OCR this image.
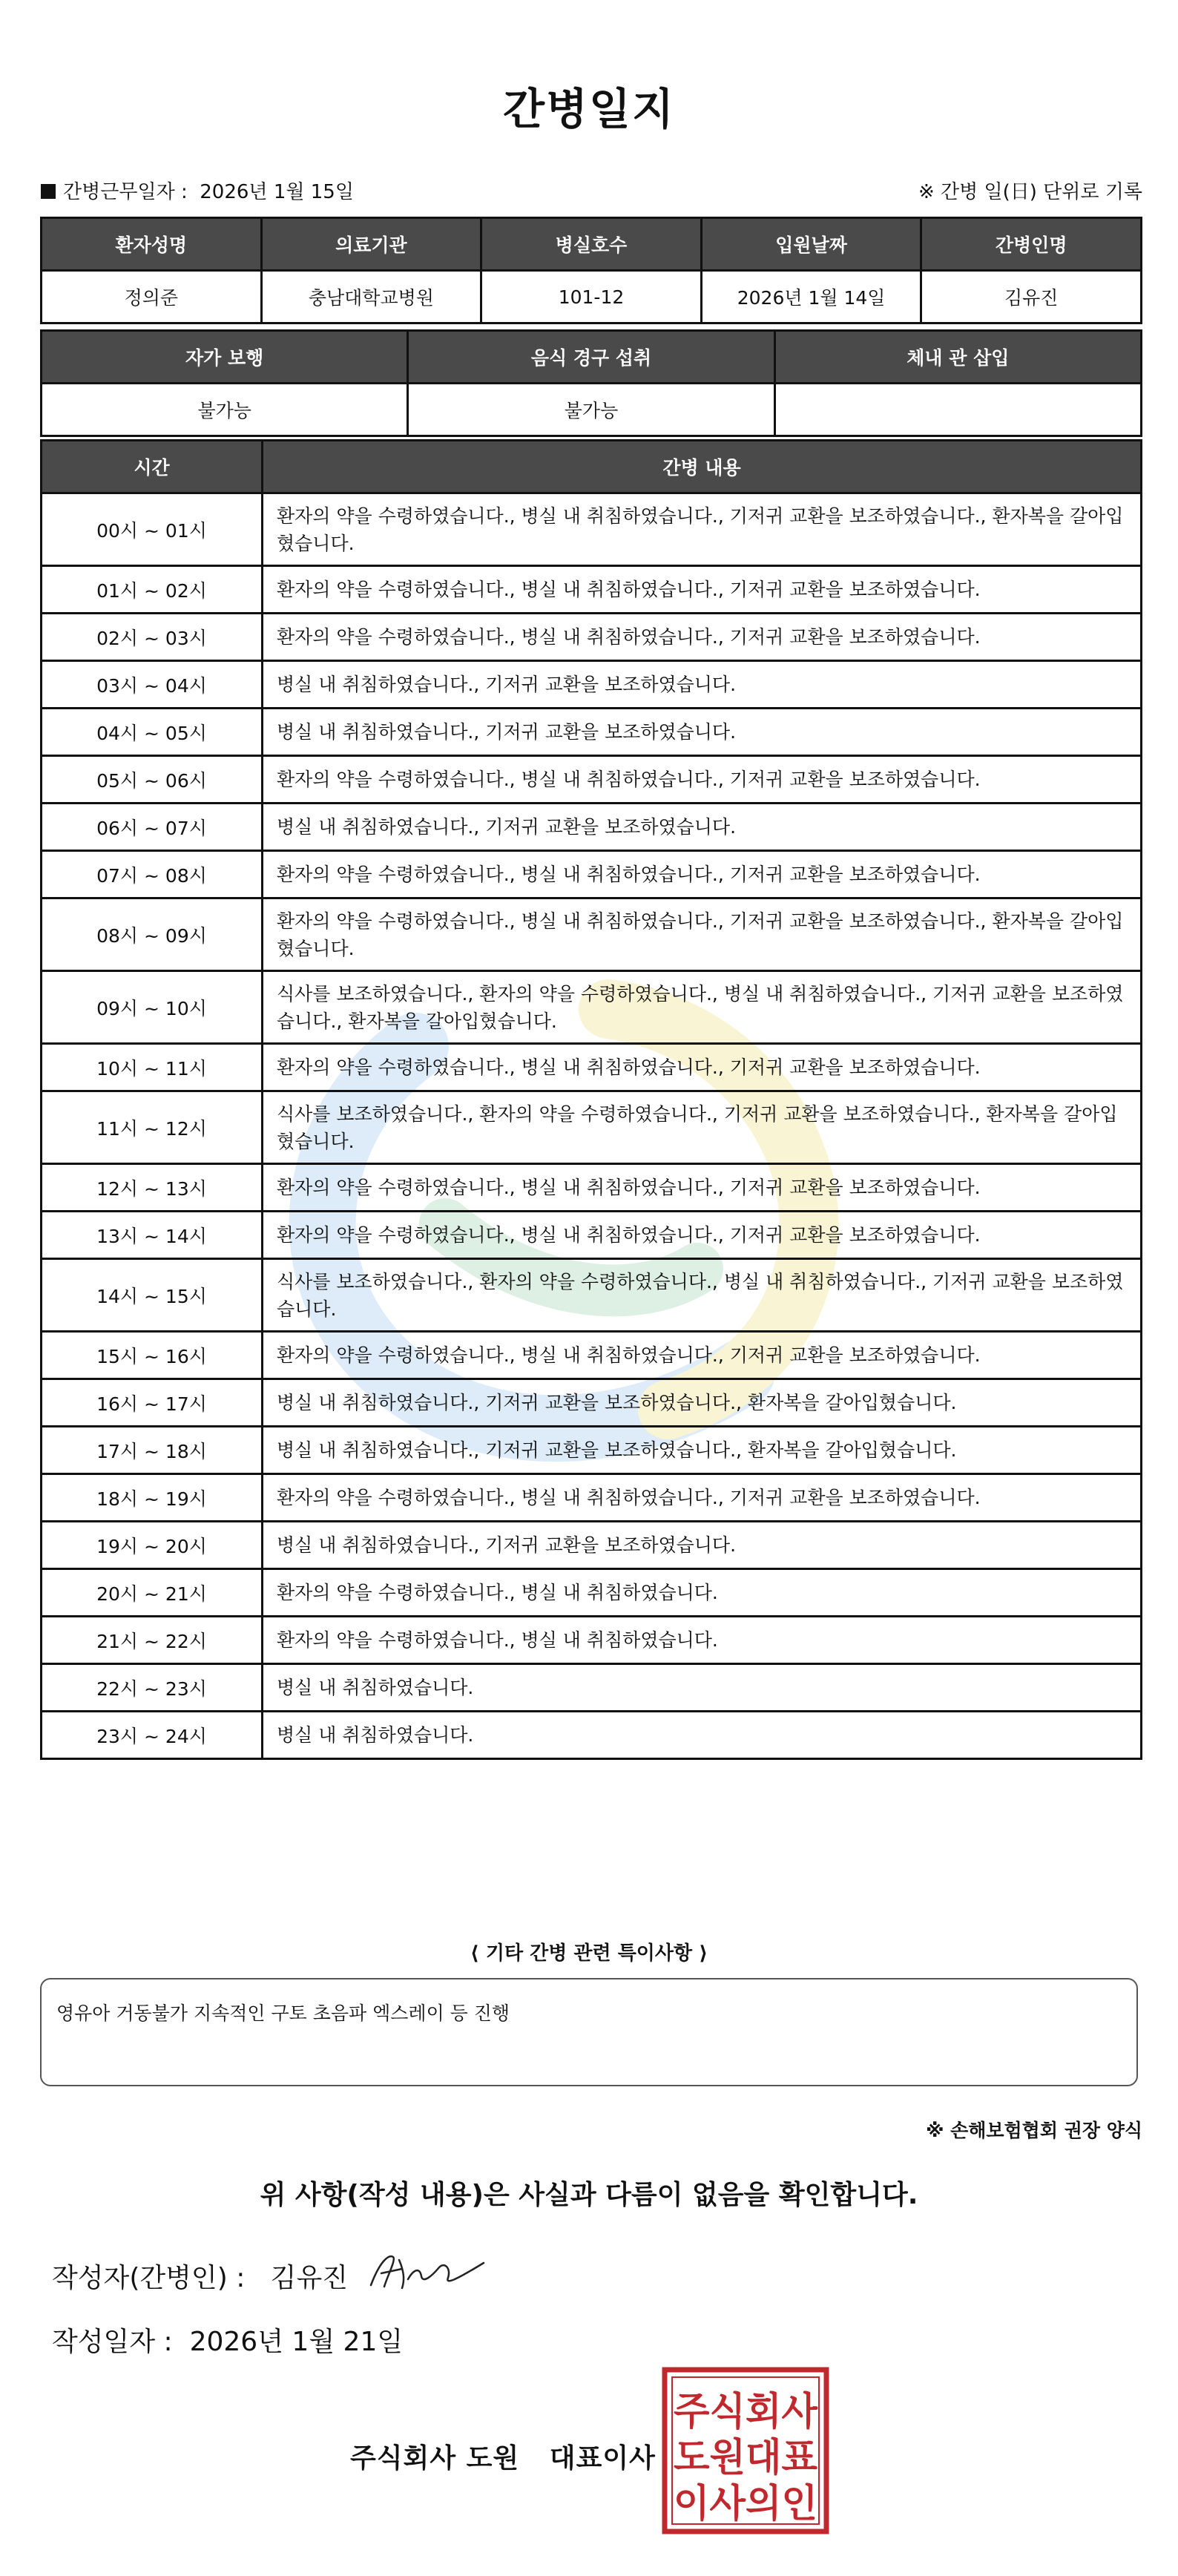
간병일지
간병근무일자 : 2026년 1월 15일	※ 간병 일(日) 단위로 기록
환자성명	의료기관	병실호수	입원날짜	간병인명
정의준	충남대학교병원	101-12	2026년 1월 14일	김유진
자가 보행	음식 경구 섭취	체내 관 삽입
불가능	불가능	
시간	간병 내용
00시 ~ 01시	환자의 약을 수령하였습니다., 병실 내 취침하였습니다., 기저귀 교환을 보조하였습니다., 환자복을 갈아입혔습니다.
01시 ~ 02시	환자의 약을 수령하였습니다., 병실 내 취침하였습니다., 기저귀 교환을 보조하였습니다.
02시 ~ 03시	환자의 약을 수령하였습니다., 병실 내 취침하였습니다., 기저귀 교환을 보조하였습니다.
03시 ~ 04시	병실 내 취침하였습니다., 기저귀 교환을 보조하였습니다.
04시 ~ 05시	병실 내 취침하였습니다., 기저귀 교환을 보조하였습니다.
05시 ~ 06시	환자의 약을 수령하였습니다., 병실 내 취침하였습니다., 기저귀 교환을 보조하였습니다.
06시 ~ 07시	병실 내 취침하였습니다., 기저귀 교환을 보조하였습니다.
07시 ~ 08시	환자의 약을 수령하였습니다., 병실 내 취침하였습니다., 기저귀 교환을 보조하였습니다.
08시 ~ 09시	환자의 약을 수령하였습니다., 병실 내 취침하였습니다., 기저귀 교환을 보조하였습니다., 환자복을 갈아입혔습니다.
09시 ~ 10시	식사를 보조하였습니다., 환자의 약을 수령하였습니다., 병실 내 취침하였습니다., 기저귀 교환을 보조하였습니다., 환자복을 갈아입혔습니다.
10시 ~ 11시	환자의 약을 수령하였습니다., 병실 내 취침하였습니다., 기저귀 교환을 보조하였습니다.
11시 ~ 12시	식사를 보조하였습니다., 환자의 약을 수령하였습니다., 기저귀 교환을 보조하였습니다., 환자복을 갈아입혔습니다.
12시 ~ 13시	환자의 약을 수령하였습니다., 병실 내 취침하였습니다., 기저귀 교환을 보조하였습니다.
13시 ~ 14시	환자의 약을 수령하였습니다., 병실 내 취침하였습니다., 기저귀 교환을 보조하였습니다.
14시 ~ 15시	식사를 보조하였습니다., 환자의 약을 수령하였습니다., 병실 내 취침하였습니다., 기저귀 교환을 보조하였습니다.
15시 ~ 16시	환자의 약을 수령하였습니다., 병실 내 취침하였습니다., 기저귀 교환을 보조하였습니다.
16시 ~ 17시	병실 내 취침하였습니다., 기저귀 교환을 보조하였습니다., 환자복을 갈아입혔습니다.
17시 ~ 18시	병실 내 취침하였습니다., 기저귀 교환을 보조하였습니다., 환자복을 갈아입혔습니다.
18시 ~ 19시	환자의 약을 수령하였습니다., 병실 내 취침하였습니다., 기저귀 교환을 보조하였습니다.
19시 ~ 20시	병실 내 취침하였습니다., 기저귀 교환을 보조하였습니다.
20시 ~ 21시	환자의 약을 수령하였습니다., 병실 내 취침하였습니다.
21시 ~ 22시	환자의 약을 수령하였습니다., 병실 내 취침하였습니다.
22시 ~ 23시	병실 내 취침하였습니다.
23시 ~ 24시	병실 내 취침하였습니다.
⟨ 기타 간병 관련 특이사항 ⟩
영유아 거동불가 지속적인 구토 초음파 엑스레이 등 진행
※ 손해보험협회 권장 양식
위 사항(작성 내용)은 사실과 다름이 없음을 확인합니다.
작성자(간병인) : 김유진
작성일자 : 2026년 1월 21일
주식회사 도원   대표이사
주식회사
도원대표
이사의인
